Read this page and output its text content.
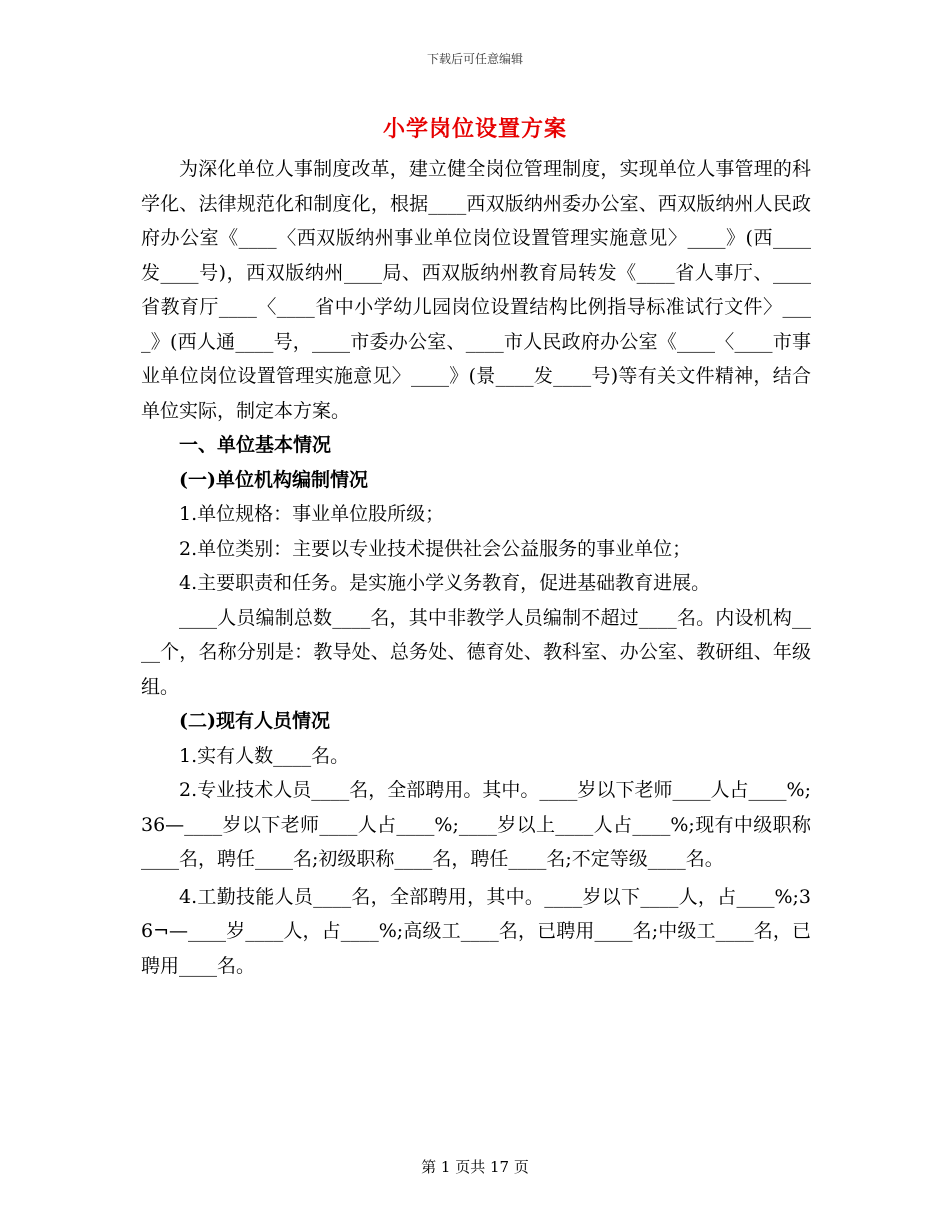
下载后可任意编辑
小学岗位设置方案

为深化单位人事制度改革，建立健全岗位管理制度，实现单位人事管理的科学化、法律规范化和制度化，根据____西双版纳州委办公室、西双版纳州人民政府办公室《____〈西双版纳州事业单位岗位设置管理实施意见〉____》(西____发____号)，西双版纳州____局、西双版纳州教育局转发《____省人事厅、____省教育厅____〈____省中小学幼儿园岗位设置结构比例指导标准试行文件〉____》(西人通____号，____市委办公室、____市人民政府办公室《____〈____市事业单位岗位设置管理实施意见〉____》(景____发____号)等有关文件精神，结合单位实际，制定本方案。

一、单位基本情况

(一)单位机构编制情况

1.单位规格：事业单位股所级；

2.单位类别：主要以专业技术提供社会公益服务的事业单位；

4.主要职责和任务。是实施小学义务教育，促进基础教育进展。

____人员编制总数____名，其中非教学人员编制不超过____名。内设机构____个，名称分别是：教导处、总务处、德育处、教科室、办公室、教研组、年级组。

(二)现有人员情况

1.实有人数____名。

2.专业技术人员____名，全部聘用。其中。____岁以下老师____人占____%;36—____岁以下老师____人占____%;____岁以上____人占____%;现有中级职称____名，聘任____名;初级职称____名，聘任____名;不定等级____名。

4.工勤技能人员____名，全部聘用，其中。____岁以下____人，占____%;36¬—____岁____人，占____%;高级工____名，已聘用____名;中级工____名，已聘用____名。

第 1 页共 17 页
